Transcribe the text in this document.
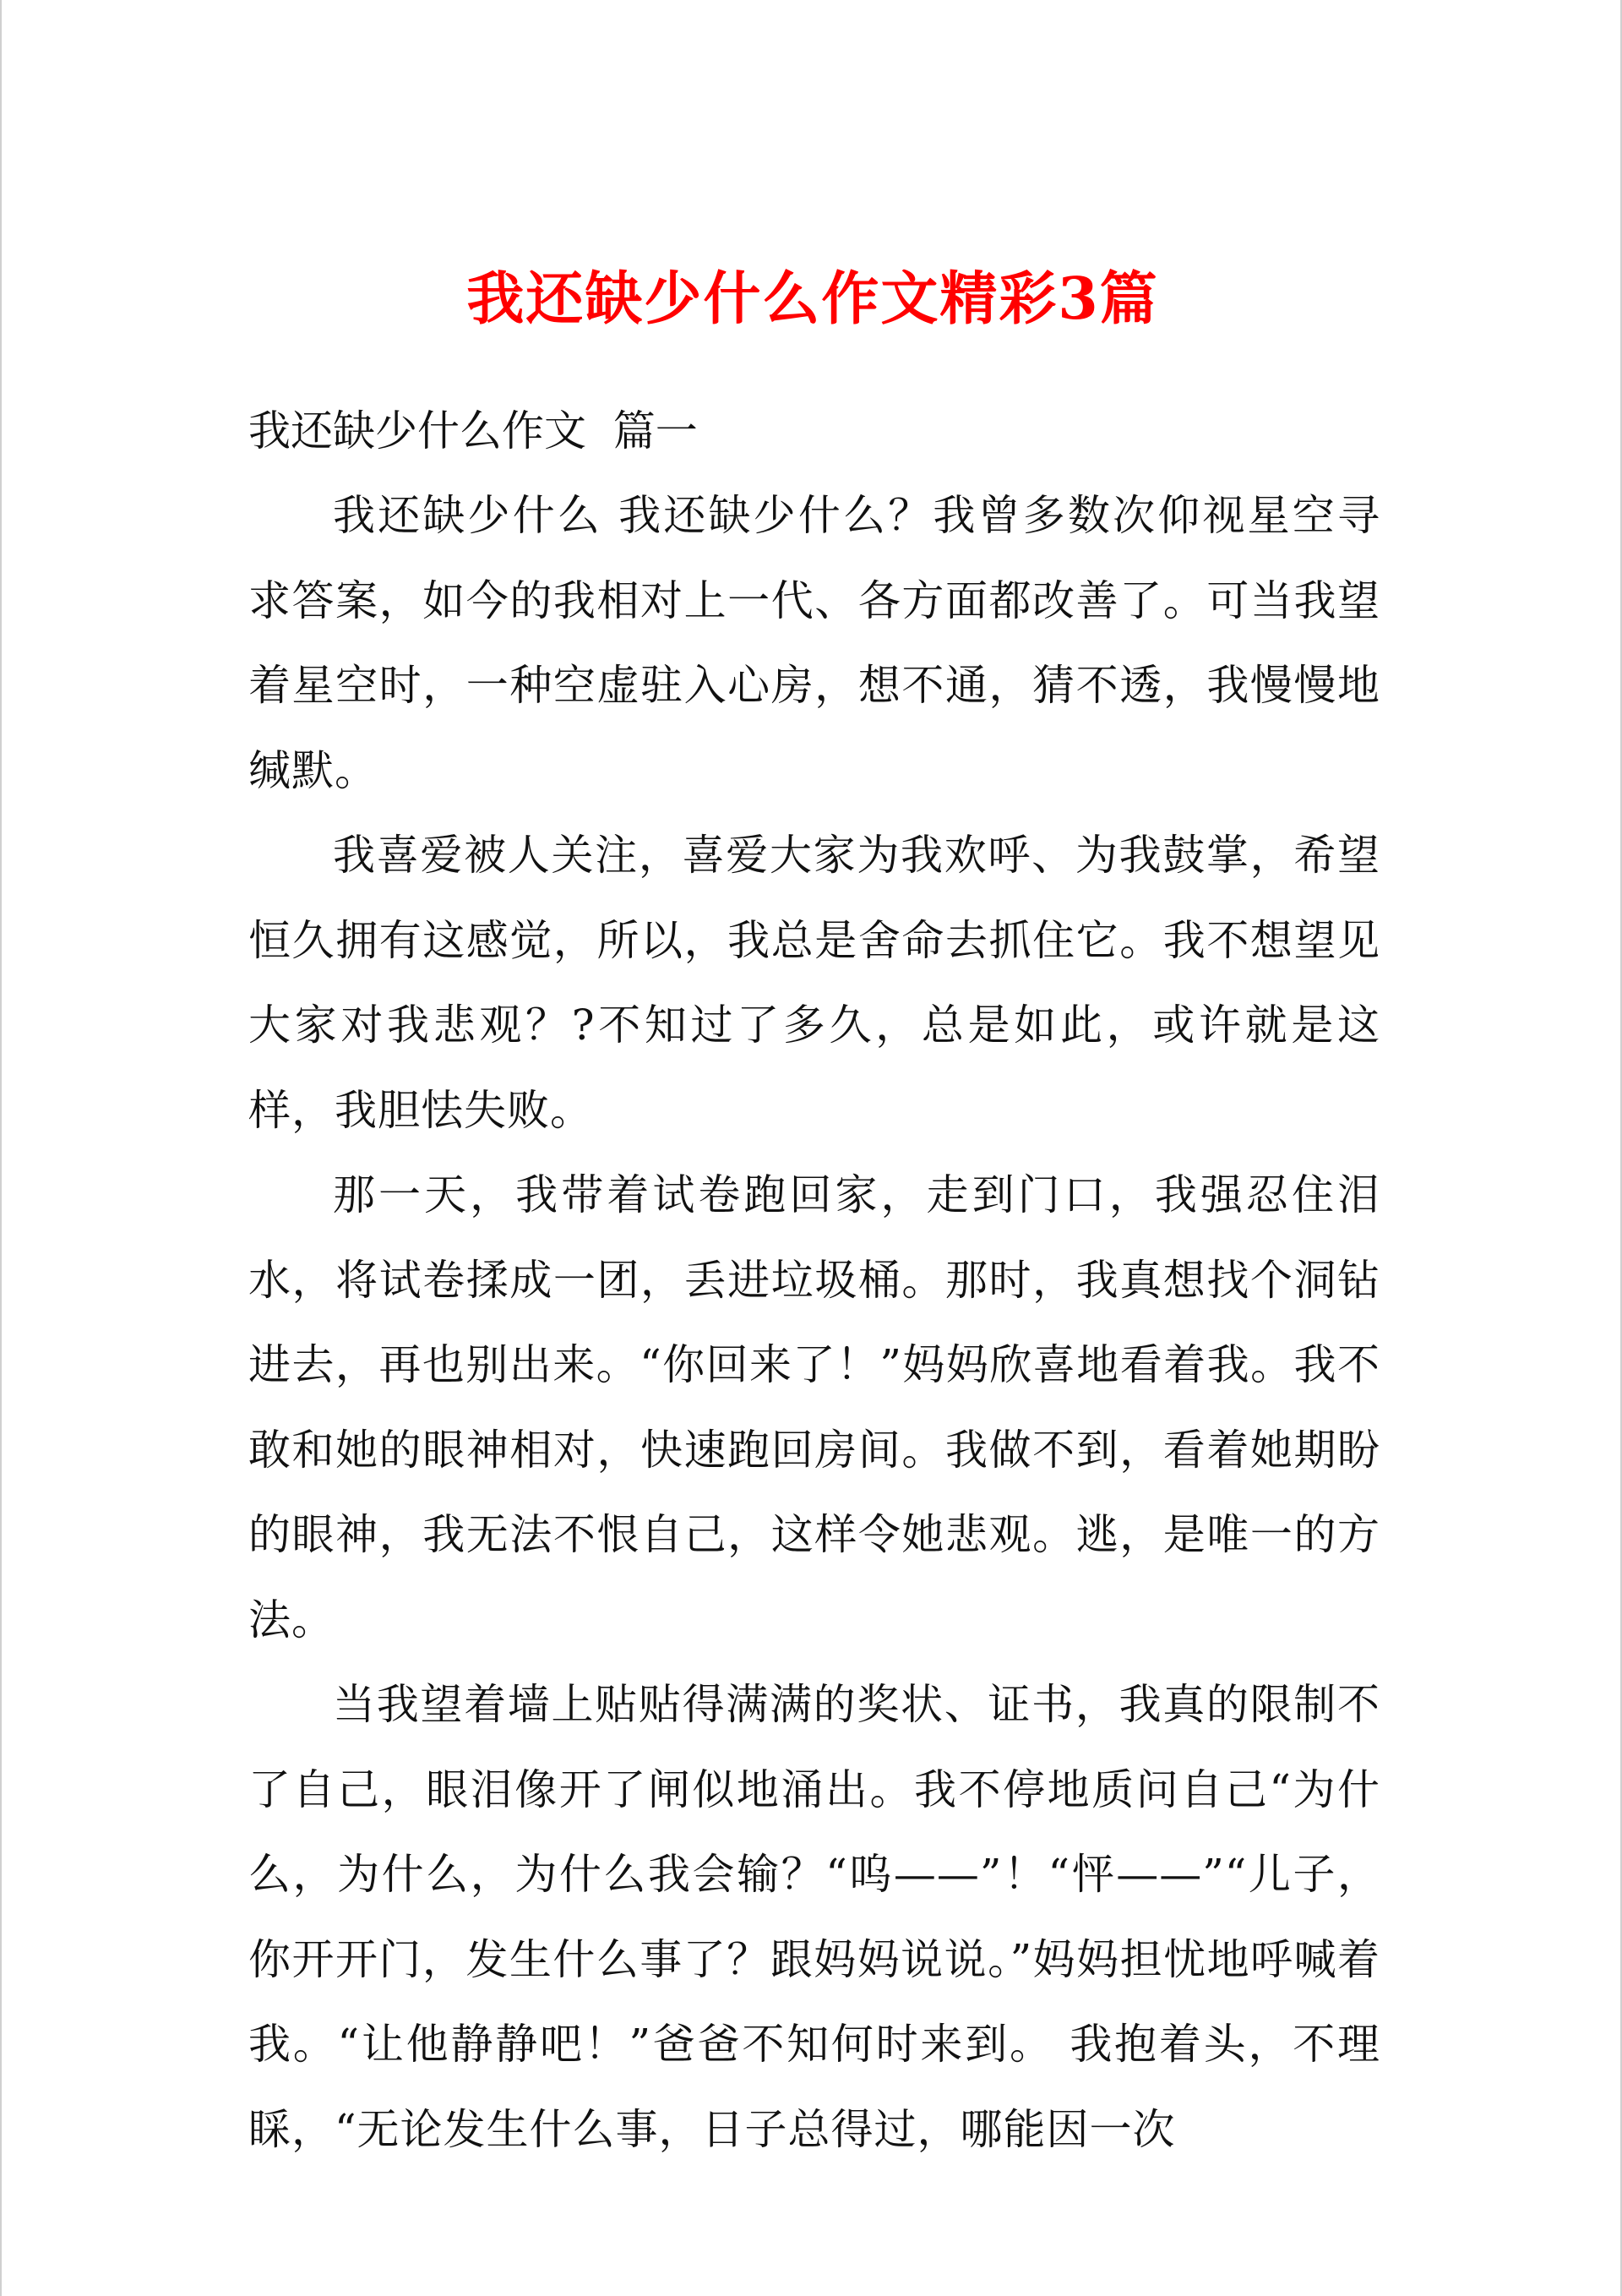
我还缺少什么作文精彩3篇
我还缺少什么作文  篇一

我还缺少什么 我还缺少什么？我曾多数次仰视星空寻求答案，如今的我相对上一代、各方面都改善了。可当我望着星空时，一种空虚驻入心房，想不通，猜不透，我慢慢地缄默。

我喜爱被人关注，喜爱大家为我欢呼、为我鼓掌，希望恒久拥有这感觉，所以，我总是舍命去抓住它。我不想望见大家对我悲观？?不知过了多久，总是如此，或许就是这样，我胆怯失败。

那一天，我带着试卷跑回家，走到门口，我强忍住泪水，将试卷揉成一团，丢进垃圾桶。那时，我真想找个洞钻进去，再也别出来。“你回来了！”妈妈欣喜地看着我。我不敢和她的眼神相对，快速跑回房间。我做不到，看着她期盼的眼神，我无法不恨自己，这样令她悲观。逃，是唯一的方法。

当我望着墙上贴贴得满满的奖状、证书，我真的限制不了自己，眼泪像开了闸似地涌出。我不停地质问自己“为什么，为什么，为什么我会输？“呜——”！“怦——”“儿子，你开开门，发生什么事了？跟妈妈说说。”妈妈担忧地呼喊着我。“让他静静吧！”爸爸不知何时来到。 我抱着头，不理睬，“无论发生什么事，日子总得过，哪能因一次
